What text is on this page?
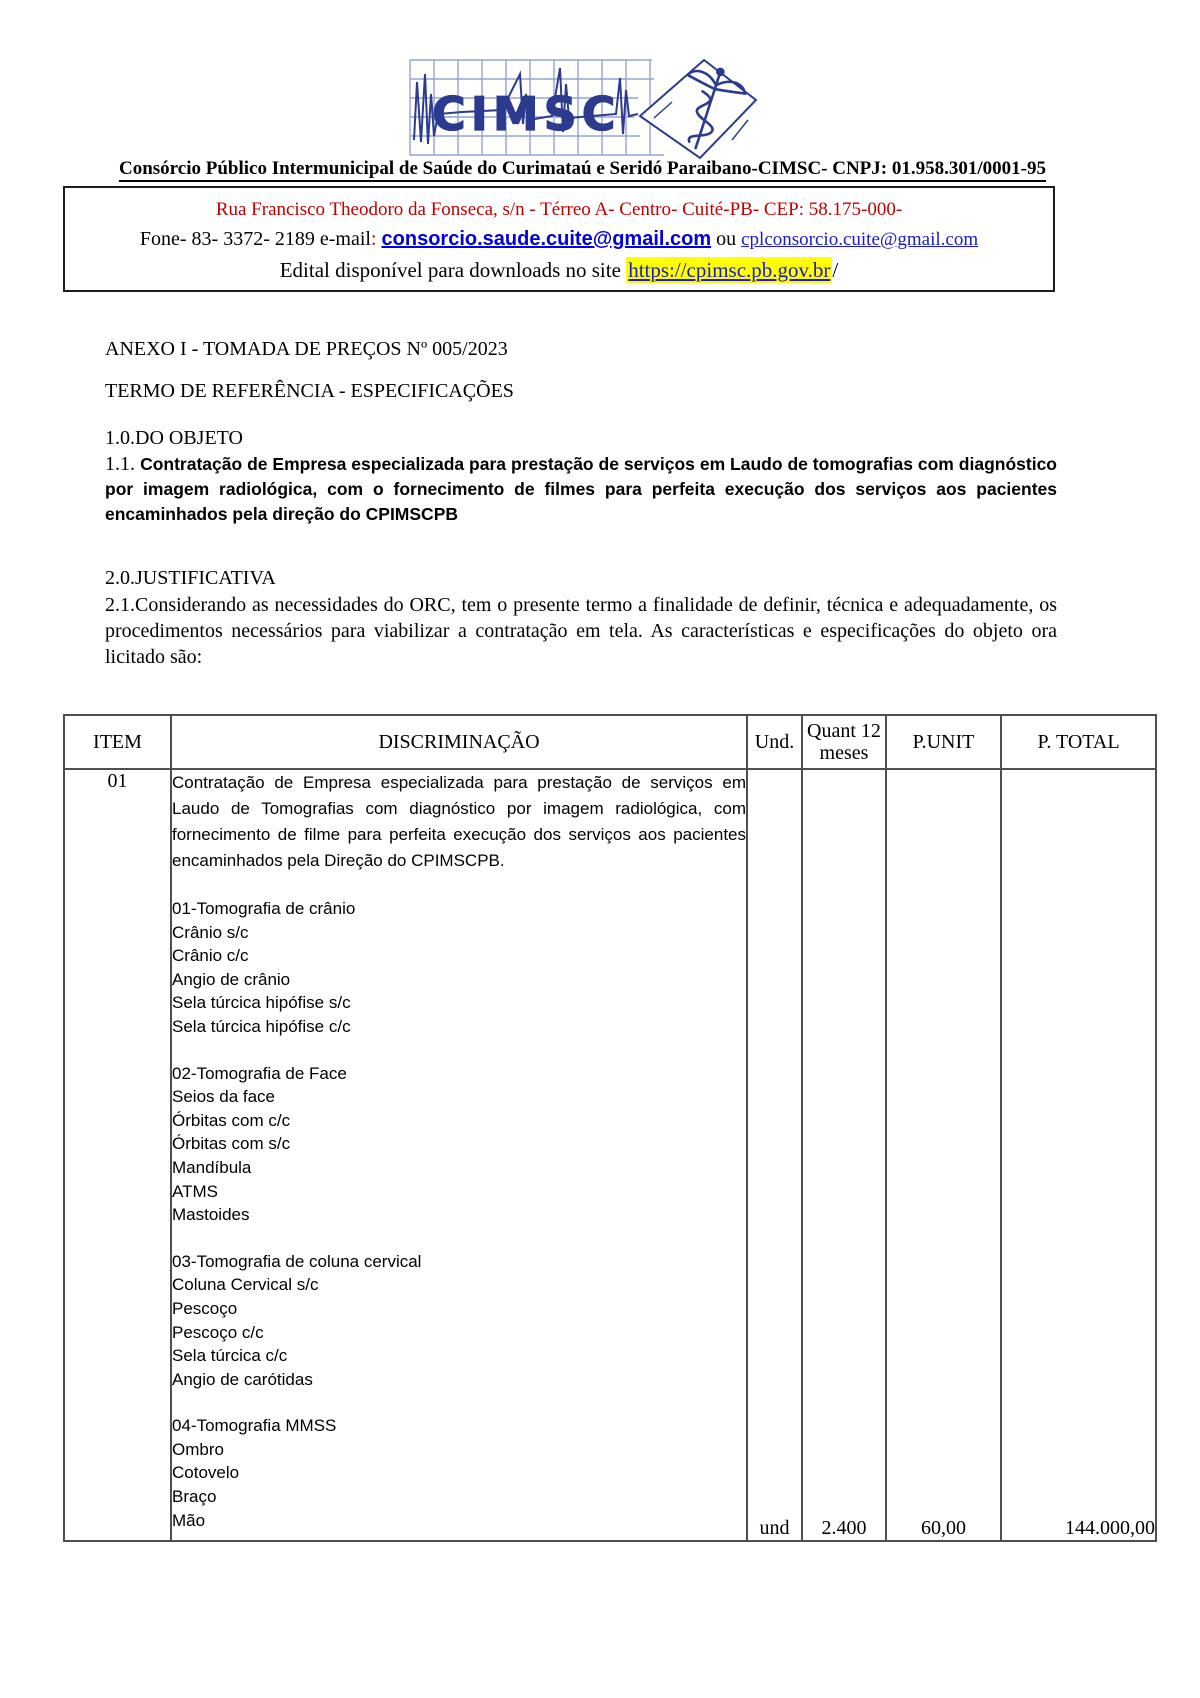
CIMSC
Consórcio Público Intermunicipal de Saúde do Curimataú e Seridó Paraibano-CIMSC- CNPJ: 01.958.301/0001-95
Rua Francisco Theodoro da Fonseca, s/n - Térreo A- Centro- Cuité-PB- CEP: 58.175-000-
Fone- 83- 3372- 2189 e-mail: consorcio.saude.cuite@gmail.com ou cplconsorcio.cuite@gmail.com
Edital disponível para downloads no site https://cpimsc.pb.gov.br/
ANEXO I - TOMADA DE PREÇOS Nº 005/2023
TERMO DE REFERÊNCIA - ESPECIFICAÇÕES
1.0.DO OBJETO

1.1. Contratação de Empresa especializada para prestação de serviços em Laudo de tomografias com diagnóstico por imagem radiológica, com o fornecimento de filmes para perfeita execução dos serviços aos pacientes encaminhados pela direção do CPIMSCPB

2.0.JUSTIFICATIVA

2.1.Considerando as necessidades do ORC, tem o presente termo a finalidade de definir, técnica e adequadamente, os procedimentos necessários para viabilizar a contratação em tela. As características e especificações do objeto ora licitado são:

ITEM	DISCRIMINAÇÃO	Und.	Quant 12 meses	P.UNIT	P. TOTAL
01	Contratação de Empresa especializada para prestação de serviços em Laudo de Tomografias com diagnóstico por imagem radiológica, com fornecimento de filme para perfeita execução dos serviços aos pacientes encaminhados pela Direção do CPIMSCPB.

01-Tomografia de crânio
Crânio s/c
Crânio c/c
Angio de crânio
Sela túrcica hipófise s/c
Sela túrcica hipófise c/c
02-Tomografia de Face
Seios da face
Órbitas com c/c
Órbitas com s/c
Mandíbula
ATMS
Mastoides
03-Tomografia de coluna cervical
Coluna Cervical s/c
Pescoço
Pescoço c/c
Sela túrcica c/c
Angio de carótidas
04-Tomografia MMSS
Ombro
Cotovelo
Braço
Mão	und	2.400	60,00	144.000,00
